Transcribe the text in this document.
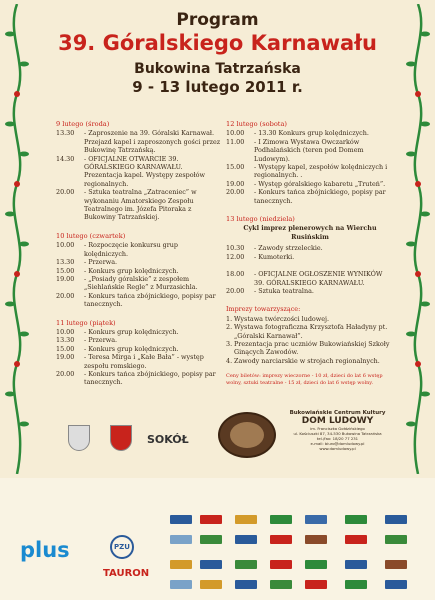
Program
39. Góralskiego Karnawału
Bukowina Tatrzańska
9 - 13 lutego 2011 r.
9 lutego (środa)
13.30	- Zaproszenie na 39. Góralski Karnawał. Przejazd kapel i zaproszonych gości przez Bukowinę Tatrzańską.
14.30	- OFICJALNE OTWARCIE 39. GÓRALSKIEGO KARNAWAŁU. Prezentacja kapel. Występy zespołów regionalnych.
20.00	- Sztuka teatralna „Zatraceniec” w wykonaniu Amatorskiego Zespołu Teatralnego im. Józefa Pitoraka z Bukowiny Tatrzańskiej.
10 lutego (czwartek)
10.00	- Rozpoczęcie konkursu grup kolędniczych.
13.30	- Przerwa.
15.00	- Konkurs grup kolędniczych.
19.00	- „Posiady góralskie” z zespołem „Siehlańskie Regle” z Murzasichla.
20.00	- Konkurs tańca zbójnickiego, popisy par tanecznych.
11 lutego (piątek)
10.00	- Konkurs grup kolędniczych.
13.30	- Przerwa.
15.00	- Konkurs grup kolędniczych.
19.00	- Teresa Mirga i „Kałe Bała” - występ zespołu romskiego.
20.00	- Konkurs tańca zbójnickiego, popisy par tanecznych.
12 lutego (sobota)
10.00	- 13.30 Konkurs grup kolędniczych.
11.00	- I Zimowa Wystawa Owczarków Podhalańskich (teren pod Domem Ludowym).
15.00	- Występy kapel, zespołów kolędniczych i regionalnych. .
19.00	- Występ góralskiego kabaretu „Truteń”.
20.00	- Konkurs tańca zbójnickiego, popisy par tanecznych.
13 lutego (niedziela)
Cykl imprez plenerowych na Wierchu Rusińskim
10.30	- Zawody strzeleckie.
12.00	- Kumoterki.
18.00	- OFICJALNE OGŁOSZENIE WYNIKÓW 39. GÓRALSKIEGO KARNAWAŁU.
20.00	- Sztuka teatralna.
Imprezy towarzyszące:
1. Wystawa twórczości ludowej.
2. Wystawa fotograficzna Krzysztofa Haładyny pt. „Góralski Karnawał”.
3. Prezentacja prac uczniów Bukowiańskiej Szkoły Ginących Zawodów.
4. Zawody narciarskie w strojach regionalnych.
Ceny biletów: imprezy wieczorne - 10 zł, dzieci do lat 6 wstęp wolny, sztuki teatralne - 15 zł, dzieci do lat 6 wstęp wolny.
SOKÓŁ
Bukowiańskie Centrum Kultury
DOM LUDOWY
im. Franciszka Gołdzińskiego
ul. Kościuszki 87, 34-530 Bukowina Tatrzańska
tel./fax: 18/20 77 231
e-mail: biuro@domludowy.pl
www.domludowy.pl
plus	PZU
TAURON
